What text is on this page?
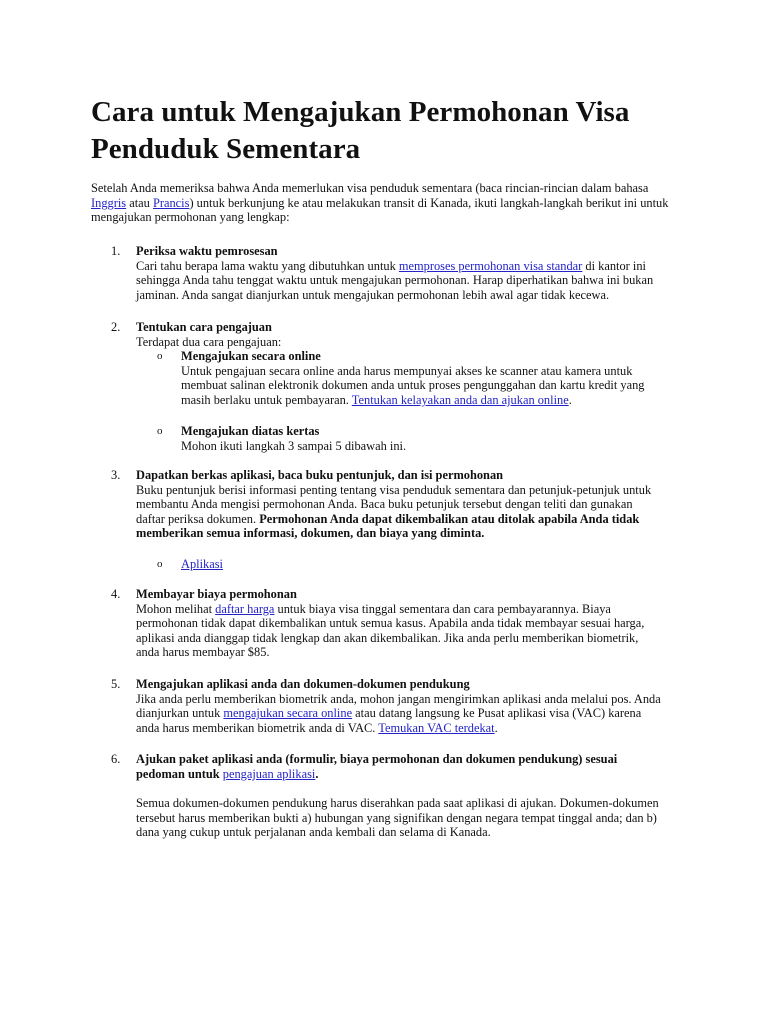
Cara untuk Mengajukan Permohonan Visa Penduduk Sementara

Setelah Anda memeriksa bahwa Anda memerlukan visa penduduk sementara (baca rincian-rincian dalam bahasa Inggris atau Prancis) untuk berkunjung ke atau melakukan transit di Kanada, ikuti langkah-langkah berikut ini untuk mengajukan permohonan yang lengkap:

1. Periksa waktu pemrosesan
Cari tahu berapa lama waktu yang dibutuhkan untuk memproses permohonan visa standar di kantor ini sehingga Anda tahu tenggat waktu untuk mengajukan permohonan. Harap diperhatikan bahwa ini bukan jaminan. Anda sangat dianjurkan untuk mengajukan permohonan lebih awal agar tidak kecewa.
2. Tentukan cara pengajuan
Terdapat dua cara pengajuan:
o Mengajukan secara online
Untuk pengajuan secara online anda harus mempunyai akses ke scanner atau kamera untuk membuat salinan elektronik dokumen anda untuk proses pengunggahan dan kartu kredit yang masih berlaku untuk pembayaran. Tentukan kelayakan anda dan ajukan online.
o Mengajukan diatas kertas
Mohon ikuti langkah 3 sampai 5 dibawah ini.
3. Dapatkan berkas aplikasi, baca buku pentunjuk, dan isi permohonan
Buku pentunjuk berisi informasi penting tentang visa penduduk sementara dan petunjuk-petunjuk untuk membantu Anda mengisi permohonan Anda. Baca buku petunjuk tersebut dengan teliti dan gunakan daftar periksa dokumen. Permohonan Anda dapat dikembalikan atau ditolak apabila Anda tidak memberikan semua informasi, dokumen, dan biaya yang diminta.
o Aplikasi
4. Membayar biaya permohonan
Mohon melihat daftar harga untuk biaya visa tinggal sementara dan cara pembayarannya. Biaya permohonan tidak dapat dikembalikan untuk semua kasus. Apabila anda tidak membayar sesuai harga, aplikasi anda dianggap tidak lengkap dan akan dikembalikan. Jika anda perlu memberikan biometrik, anda harus membayar $85.
5. Mengajukan aplikasi anda dan dokumen-dokumen pendukung
Jika anda perlu memberikan biometrik anda, mohon jangan mengirimkan aplikasi anda melalui pos. Anda dianjurkan untuk mengajukan secara online atau datang langsung ke Pusat aplikasi visa (VAC) karena anda harus memberikan biometrik anda di VAC. Temukan VAC terdekat.
6. Ajukan paket aplikasi anda (formulir, biaya permohonan dan dokumen pendukung) sesuai pedoman untuk pengajuan aplikasi.
Semua dokumen-dokumen pendukung harus diserahkan pada saat aplikasi di ajukan. Dokumen-dokumen tersebut harus memberikan bukti a) hubungan yang signifikan dengan negara tempat tinggal anda; dan b) dana yang cukup untuk perjalanan anda kembali dan selama di Kanada.
